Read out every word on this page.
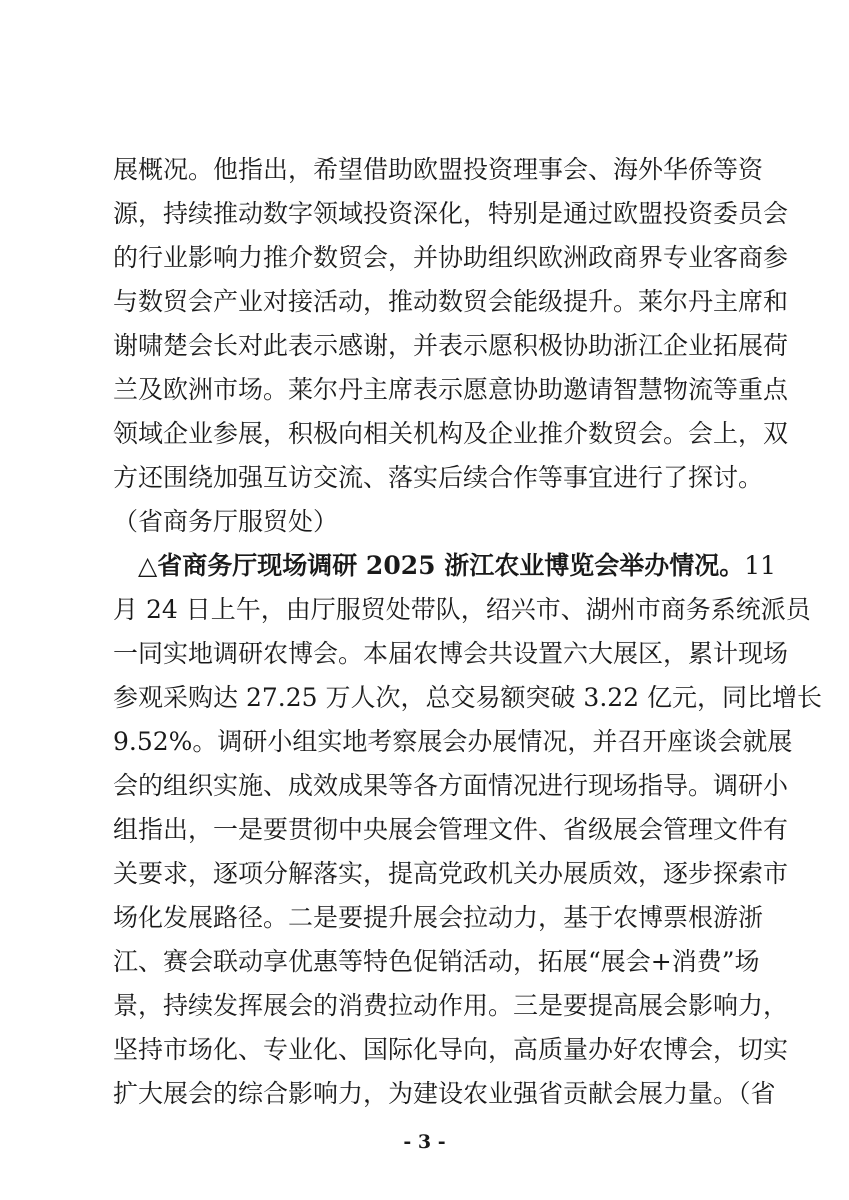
展概况。他指出，希望借助欧盟投资理事会、海外华侨等资
源，持续推动数字领域投资深化，特别是通过欧盟投资委员会
的行业影响力推介数贸会，并协助组织欧洲政商界专业客商参
与数贸会产业对接活动，推动数贸会能级提升。莱尔丹主席和
谢啸楚会长对此表示感谢，并表示愿积极协助浙江企业拓展荷
兰及欧洲市场。莱尔丹主席表示愿意协助邀请智慧物流等重点
领域企业参展，积极向相关机构及企业推介数贸会。会上，双
方还围绕加强互访交流、落实后续合作等事宜进行了探讨。
（省商务厅服贸处）
△省商务厅现场调研 2025 浙江农业博览会举办情况。11
月 24 日上午，由厅服贸处带队，绍兴市、湖州市商务系统派员
一同实地调研农博会。本届农博会共设置六大展区，累计现场
参观采购达 27.25 万人次，总交易额突破 3.22 亿元，同比增长
9.52%。调研小组实地考察展会办展情况，并召开座谈会就展
会的组织实施、成效成果等各方面情况进行现场指导。调研小
组指出，一是要贯彻中央展会管理文件、省级展会管理文件有
关要求，逐项分解落实，提高党政机关办展质效，逐步探索市
场化发展路径。二是要提升展会拉动力，基于农博票根游浙
江、赛会联动享优惠等特色促销活动，拓展“展会+消费”场
景，持续发挥展会的消费拉动作用。三是要提高展会影响力，
坚持市场化、专业化、国际化导向，高质量办好农博会，切实
扩大展会的综合影响力，为建设农业强省贡献会展力量。（省
- 3 -
